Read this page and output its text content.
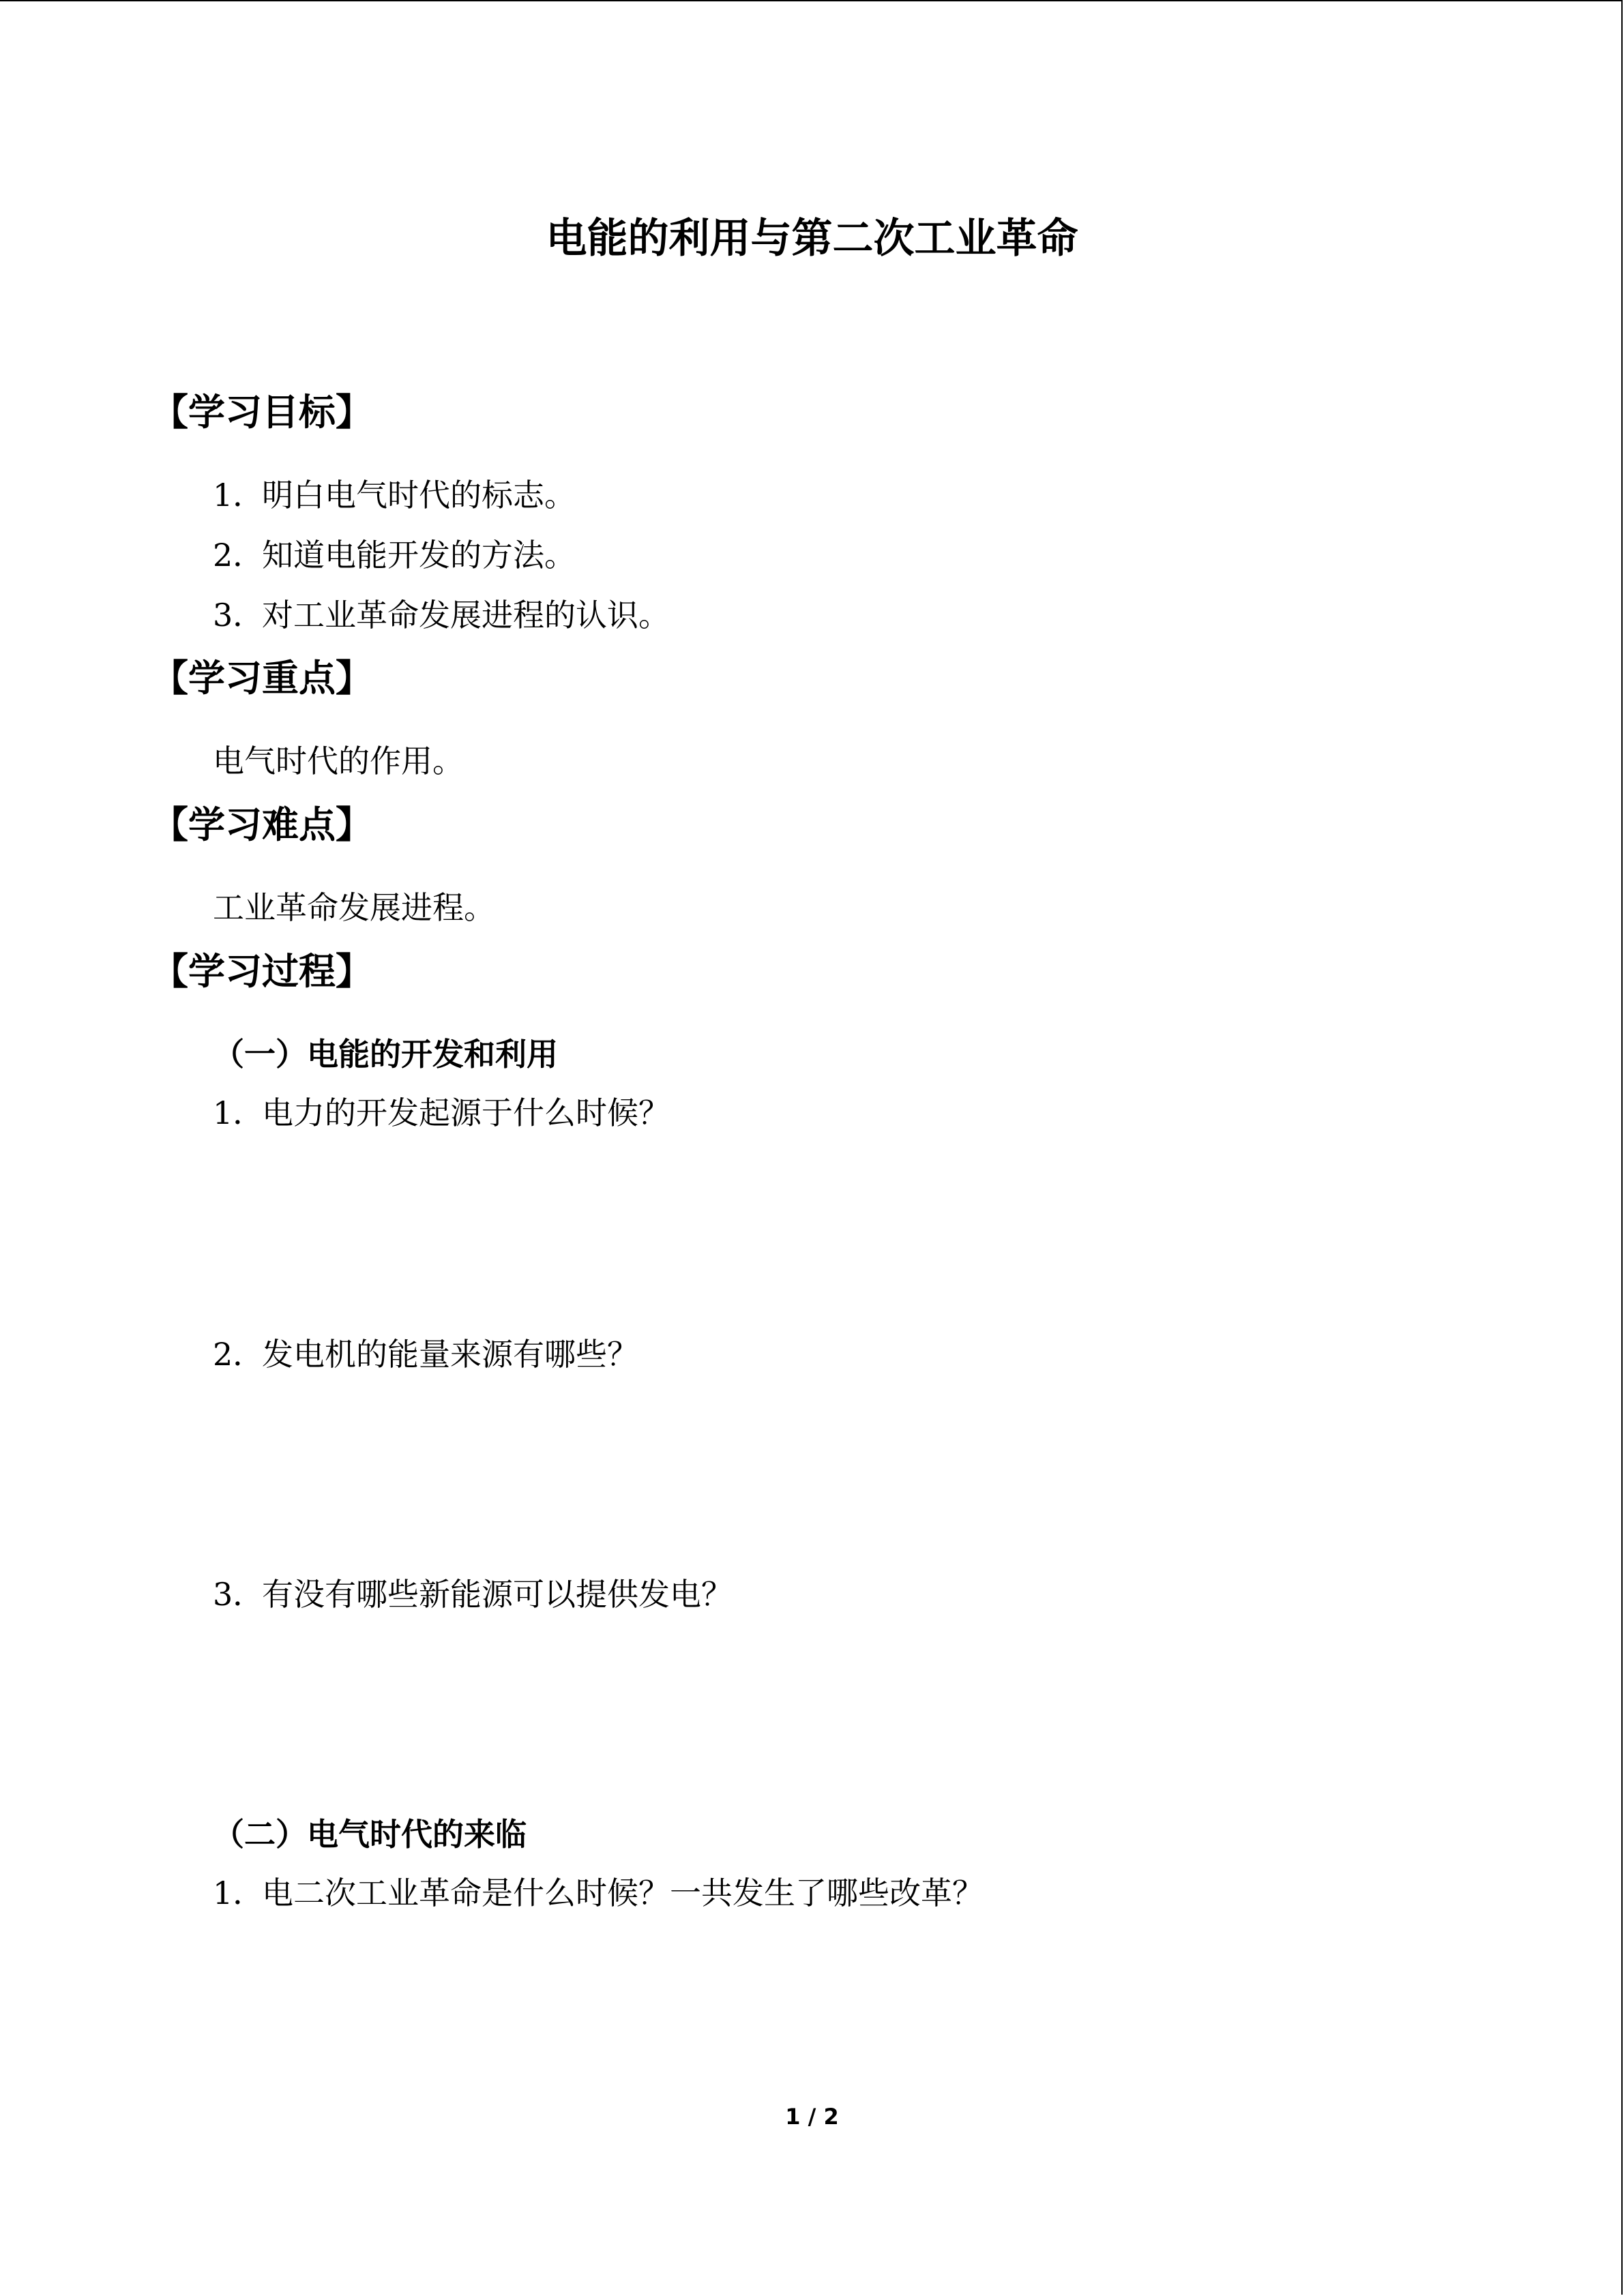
电能的利用与第二次工业革命
【学习目标】
1．明白电气时代的标志。
2．知道电能开发的方法。
3．对工业革命发展进程的认识。
【学习重点】
电气时代的作用。
【学习难点】
工业革命发展进程。
【学习过程】
（一）电能的开发和利用
1．电力的开发起源于什么时候？
2．发电机的能量来源有哪些？
3．有没有哪些新能源可以提供发电？
（二）电气时代的来临
1．电二次工业革命是什么时候？一共发生了哪些改革？
1 / 2
